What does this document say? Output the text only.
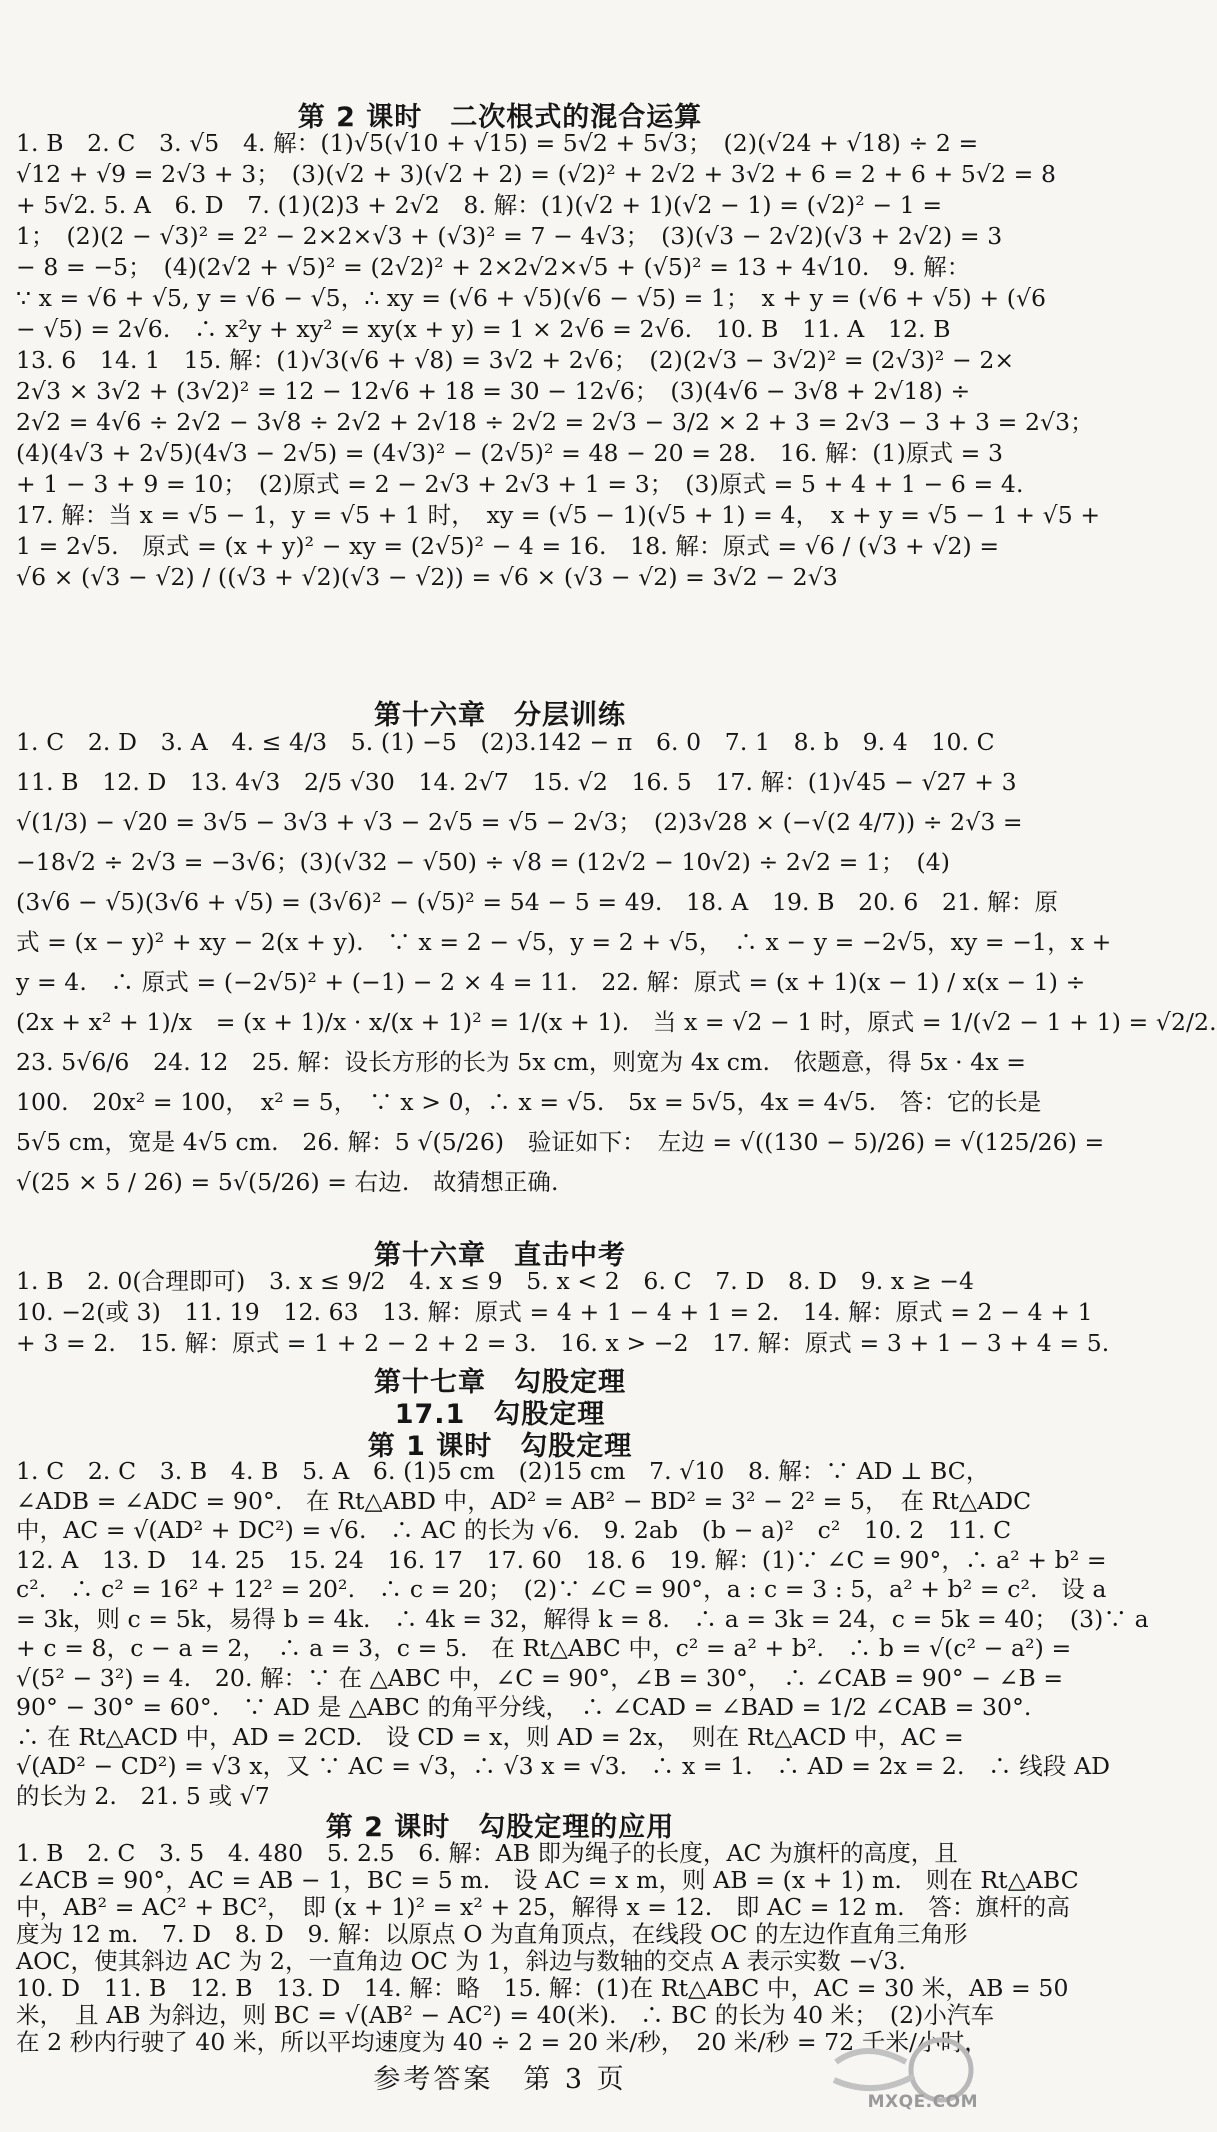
第 2 课时　二次根式的混合运算
1. B　2. C　3. √5　4. 解：(1)√5(√10 + √15) = 5√2 + 5√3；　(2)(√24 + √18) ÷ 2 =
√12 + √9 = 2√3 + 3；　(3)(√2 + 3)(√2 + 2) = (√2)² + 2√2 + 3√2 + 6 = 2 + 6 + 5√2 = 8
+ 5√2. 5. A　6. D　7. (1)(2)3 + 2√2　8. 解：(1)(√2 + 1)(√2 − 1) = (√2)² − 1 =
1；　(2)(2 − √3)² = 2² − 2×2×√3 + (√3)² = 7 − 4√3；　(3)(√3 − 2√2)(√3 + 2√2) = 3
− 8 = −5；　(4)(2√2 + √5)² = (2√2)² + 2×2√2×√5 + (√5)² = 13 + 4√10.　9. 解：
∵ x = √6 + √5, y = √6 − √5，∴ xy = (√6 + √5)(√6 − √5) = 1；　x + y = (√6 + √5) + (√6
− √5) = 2√6.　∴ x²y + xy² = xy(x + y) = 1 × 2√6 = 2√6.　10. B　11. A　12. B
13. 6　14. 1　15. 解：(1)√3(√6 + √8) = 3√2 + 2√6；　(2)(2√3 − 3√2)² = (2√3)² − 2×
2√3 × 3√2 + (3√2)² = 12 − 12√6 + 18 = 30 − 12√6；　(3)(4√6 − 3√8 + 2√18) ÷
2√2 = 4√6 ÷ 2√2 − 3√8 ÷ 2√2 + 2√18 ÷ 2√2 = 2√3 − 3/2 × 2 + 3 = 2√3 − 3 + 3 = 2√3；
(4)(4√3 + 2√5)(4√3 − 2√5) = (4√3)² − (2√5)² = 48 − 20 = 28.　16. 解：(1)原式 = 3
+ 1 − 3 + 9 = 10；　(2)原式 = 2 − 2√3 + 2√3 + 1 = 3；　(3)原式 = 5 + 4 + 1 − 6 = 4.
17. 解：当 x = √5 − 1，y = √5 + 1 时，　xy = (√5 − 1)(√5 + 1) = 4，　x + y = √5 − 1 + √5 +
1 = 2√5.　原式 = (x + y)² − xy = (2√5)² − 4 = 16.　18. 解：原式 = √6 / (√3 + √2) =
√6 × (√3 − √2) / ((√3 + √2)(√3 − √2)) = √6 × (√3 − √2) = 3√2 − 2√3
第十六章　分层训练
1. C　2. D　3. A　4. ≤ 4/3　5. (1) −5　(2)3.142 − π　6. 0　7. 1　8. b　9. 4　10. C
11. B　12. D　13. 4√3　2/5 √30　14. 2√7　15. √2　16. 5　17. 解：(1)√45 − √27 + 3
√(1/3) − √20 = 3√5 − 3√3 + √3 − 2√5 = √5 − 2√3；　(2)3√28 × (−√(2 4/7)) ÷ 2√3 =
−18√2 ÷ 2√3 = −3√6；(3)(√32 − √50) ÷ √8 = (12√2 − 10√2) ÷ 2√2 = 1；　(4)
(3√6 − √5)(3√6 + √5) = (3√6)² − (√5)² = 54 − 5 = 49.　18. A　19. B　20. 6　21. 解：原
式 = (x − y)² + xy − 2(x + y).　∵ x = 2 − √5，y = 2 + √5，　∴ x − y = −2√5，xy = −1，x +
y = 4.　∴ 原式 = (−2√5)² + (−1) − 2 × 4 = 11.　22. 解：原式 = (x + 1)(x − 1) / x(x − 1) ÷
(2x + x² + 1)/x　= (x + 1)/x · x/(x + 1)² = 1/(x + 1).　当 x = √2 − 1 时，原式 = 1/(√2 − 1 + 1) = √2/2.
23. 5√6/6　24. 12　25. 解：设长方形的长为 5x cm，则宽为 4x cm.　依题意，得 5x · 4x =
100.　20x² = 100，　x² = 5，　∵ x > 0，∴ x = √5.　5x = 5√5，4x = 4√5.　答：它的长是
5√5 cm，宽是 4√5 cm.　26. 解：5 √(5/26)　验证如下：　左边 = √((130 − 5)/26) = √(125/26) =
√(25 × 5 / 26) = 5√(5/26) = 右边.　故猜想正确.
第十六章　直击中考
1. B　2. 0(合理即可)　3. x ≤ 9/2　4. x ≤ 9　5. x < 2　6. C　7. D　8. D　9. x ≥ −4
10. −2(或 3)　11. 19　12. 63　13. 解：原式 = 4 + 1 − 4 + 1 = 2.　14. 解：原式 = 2 − 4 + 1
+ 3 = 2.　15. 解：原式 = 1 + 2 − 2 + 2 = 3.　16. x > −2　17. 解：原式 = 3 + 1 − 3 + 4 = 5.
第十七章　勾股定理
17.1　勾股定理
第 1 课时　勾股定理
1. C　2. C　3. B　4. B　5. A　6. (1)5 cm　(2)15 cm　7. √10　8. 解：∵ AD ⊥ BC，
∠ADB = ∠ADC = 90°.　在 Rt△ABD 中，AD² = AB² − BD² = 3² − 2² = 5，　在 Rt△ADC
中，AC = √(AD² + DC²) = √6.　∴ AC 的长为 √6.　9. 2ab　(b − a)²　c²　10. 2　11. C
12. A　13. D　14. 25　15. 24　16. 17　17. 60　18. 6　19. 解：(1)∵ ∠C = 90°，∴ a² + b² =
c².　∴ c² = 16² + 12² = 20².　∴ c = 20；　(2)∵ ∠C = 90°，a : c = 3 : 5，a² + b² = c².　设 a
= 3k，则 c = 5k，易得 b = 4k.　∴ 4k = 32，解得 k = 8.　∴ a = 3k = 24，c = 5k = 40；　(3)∵ a
+ c = 8，c − a = 2，　∴ a = 3，c = 5.　在 Rt△ABC 中，c² = a² + b².　∴ b = √(c² − a²) =
√(5² − 3²) = 4.　20. 解：∵ 在 △ABC 中，∠C = 90°，∠B = 30°，　∴ ∠CAB = 90° − ∠B =
90° − 30° = 60°.　∵ AD 是 △ABC 的角平分线，　∴ ∠CAD = ∠BAD = 1/2 ∠CAB = 30°.
∴ 在 Rt△ACD 中，AD = 2CD.　设 CD = x，则 AD = 2x，　则在 Rt△ACD 中，AC =
√(AD² − CD²) = √3 x，又 ∵ AC = √3，∴ √3 x = √3.　∴ x = 1.　∴ AD = 2x = 2.　∴ 线段 AD
的长为 2.　21. 5 或 √7
第 2 课时　勾股定理的应用
1. B　2. C　3. 5　4. 480　5. 2.5　6. 解：AB 即为绳子的长度，AC 为旗杆的高度，且
∠ACB = 90°，AC = AB − 1，BC = 5 m.　设 AC = x m，则 AB = (x + 1) m.　则在 Rt△ABC
中，AB² = AC² + BC²，　即 (x + 1)² = x² + 25，解得 x = 12.　即 AC = 12 m.　答：旗杆的高
度为 12 m.　7. D　8. D　9. 解：以原点 O 为直角顶点，在线段 OC 的左边作直角三角形
AOC，使其斜边 AC 为 2，一直角边 OC 为 1，斜边与数轴的交点 A 表示实数 −√3.
10. D　11. B　12. B　13. D　14. 解：略　15. 解：(1)在 Rt△ABC 中，AC = 30 米，AB = 50
米，　且 AB 为斜边，则 BC = √(AB² − AC²) = 40(米).　∴ BC 的长为 40 米；　(2)小汽车
在 2 秒内行驶了 40 米，所以平均速度为 40 ÷ 2 = 20 米/秒，　20 米/秒 = 72 千米/小时，
参考答案　第 3 页
MXQE.COM
